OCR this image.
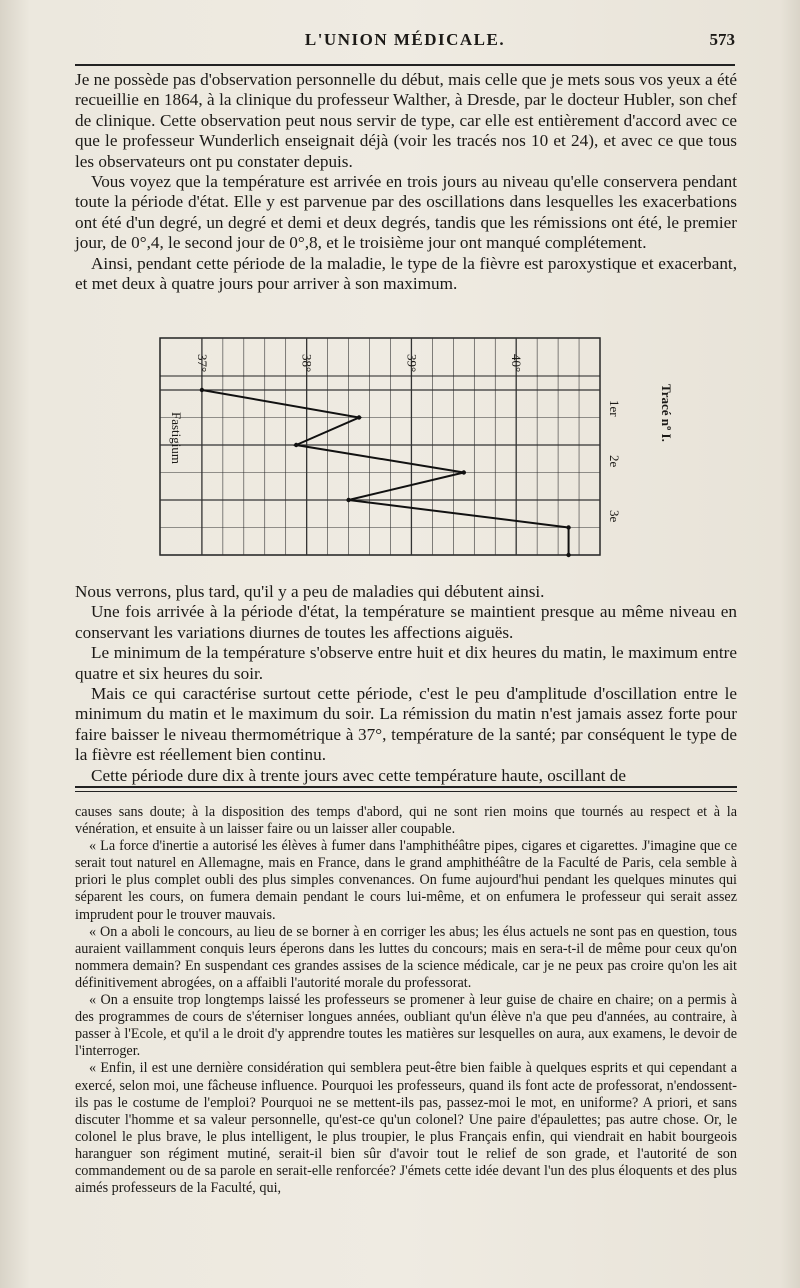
L'UNION MÉDICALE.	573

Je ne possède pas d'observation personnelle du début, mais celle que je mets sous vos yeux a été recueillie en 1864, à la clinique du professeur Walther, à Dresde, par le docteur Hubler, son chef de clinique. Cette observation peut nous servir de type, car elle est entièrement d'accord avec ce que le professeur Wunderlich enseignait déjà (voir les tracés nos 10 et 24), et avec ce que tous les observateurs ont pu constater depuis.

Vous voyez que la température est arrivée en trois jours au niveau qu'elle conservera pendant toute la période d'état. Elle y est parvenue par des oscillations dans lesquelles les exacerbations ont été d'un degré, un degré et demi et deux degrés, tandis que les rémissions ont été, le premier jour, de 0°,4, le second jour de 0°,8, et le troisième jour ont manqué complétement.

Ainsi, pendant cette période de la maladie, le type de la fièvre est paroxystique et exacerbant, et met deux à quatre jours pour arriver à son maximum.

37°	38°	39°	40°
1er
2e
3e
Tracé nº I.
Fastigium

Nous verrons, plus tard, qu'il y a peu de maladies qui débutent ainsi.

Une fois arrivée à la période d'état, la température se maintient presque au même niveau en conservant les variations diurnes de toutes les affections aiguës.

Le minimum de la température s'observe entre huit et dix heures du matin, le maximum entre quatre et six heures du soir.

Mais ce qui caractérise surtout cette période, c'est le peu d'amplitude d'oscillation entre le minimum du matin et le maximum du soir. La rémission du matin n'est jamais assez forte pour faire baisser le niveau thermométrique à 37°, température de la santé; par conséquent le type de la fièvre est réellement bien continu.

Cette période dure dix à trente jours avec cette température haute, oscillant de

causes sans doute; à la disposition des temps d'abord, qui ne sont rien moins que tournés au respect et à la vénération, et ensuite à un laisser faire ou un laisser aller coupable.

« La force d'inertie a autorisé les élèves à fumer dans l'amphithéâtre pipes, cigares et cigarettes. J'imagine que ce serait tout naturel en Allemagne, mais en France, dans le grand amphithéâtre de la Faculté de Paris, cela semble à priori le plus complet oubli des plus simples convenances. On fume aujourd'hui pendant les quelques minutes qui séparent les cours, on fumera demain pendant le cours lui-même, et on enfumera le professeur qui serait assez imprudent pour le trouver mauvais.

« On a aboli le concours, au lieu de se borner à en corriger les abus; les élus actuels ne sont pas en question, tous auraient vaillamment conquis leurs éperons dans les luttes du concours; mais en sera-t-il de même pour ceux qu'on nommera demain? En suspendant ces grandes assises de la science médicale, car je ne peux pas croire qu'on les ait définitivement abrogées, on a affaibli l'autorité morale du professorat.

« On a ensuite trop longtemps laissé les professeurs se promener à leur guise de chaire en chaire; on a permis à des programmes de cours de s'éterniser longues années, oubliant qu'un élève n'a que peu d'années, au contraire, à passer à l'Ecole, et qu'il a le droit d'y apprendre toutes les matières sur lesquelles on aura, aux examens, le devoir de l'interroger.

« Enfin, il est une dernière considération qui semblera peut-être bien faible à quelques esprits et qui cependant a exercé, selon moi, une fâcheuse influence. Pourquoi les professeurs, quand ils font acte de professorat, n'endossent-ils pas le costume de l'emploi? Pourquoi ne se mettent-ils pas, passez-moi le mot, en uniforme? A priori, et sans discuter l'homme et sa valeur personnelle, qu'est-ce qu'un colonel? Une paire d'épaulettes; pas autre chose. Or, le colonel le plus brave, le plus intelligent, le plus troupier, le plus Français enfin, qui viendrait en habit bourgeois haranguer son régiment mutiné, serait-il bien sûr d'avoir tout le relief de son grade, et l'autorité de son commandement ou de sa parole en serait-elle renforcée? J'émets cette idée devant l'un des plus éloquents et des plus aimés professeurs de la Faculté, qui,
